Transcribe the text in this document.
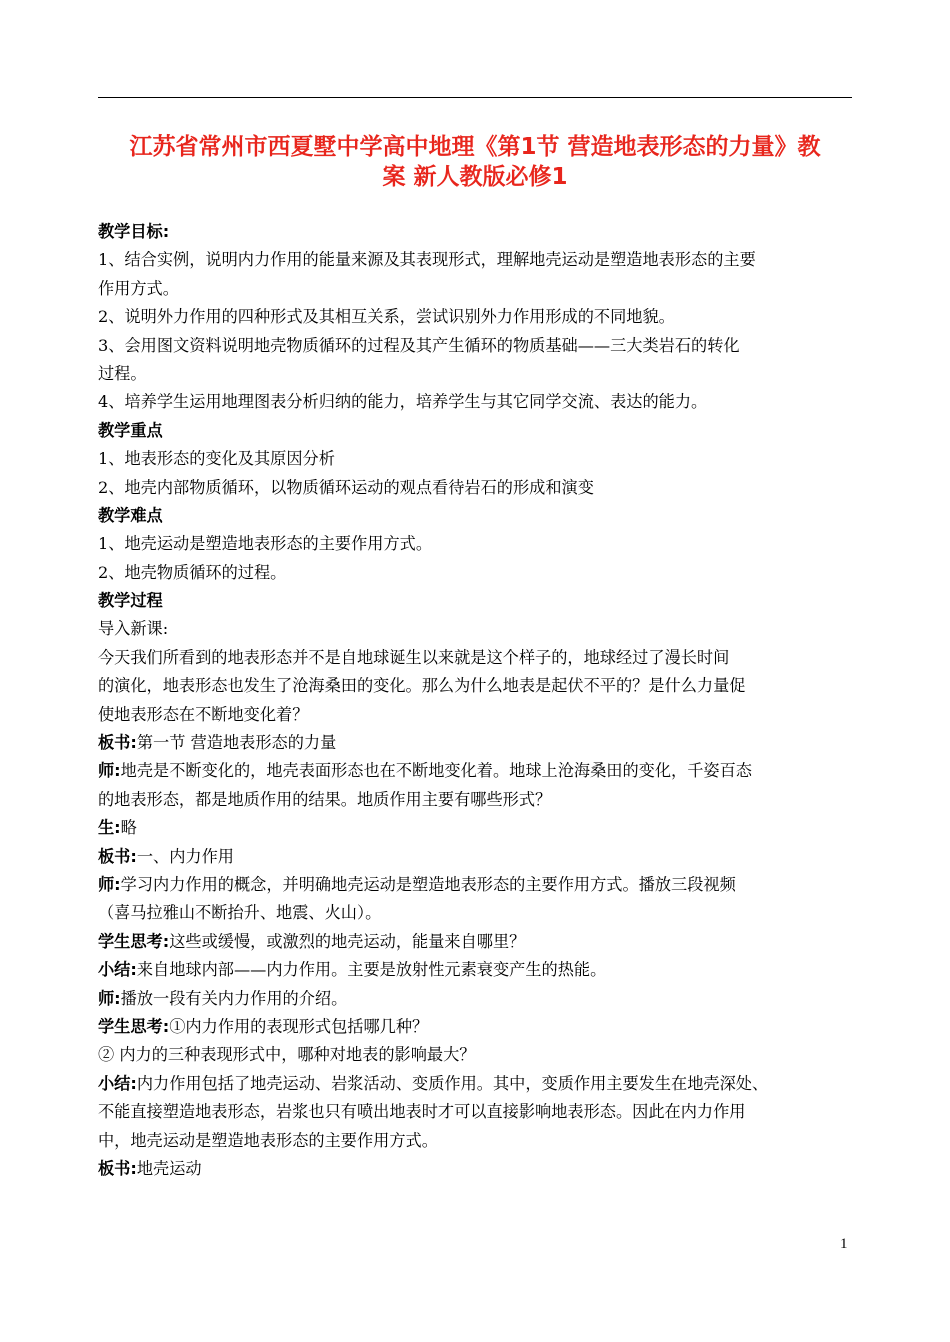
江苏省常州市西夏墅中学高中地理《第1节 营造地表形态的力量》教
案 新人教版必修1
教学目标:
1、结合实例，说明内力作用的能量来源及其表现形式，理解地壳运动是塑造地表形态的主要
作用方式。
2、说明外力作用的四种形式及其相互关系，尝试识别外力作用形成的不同地貌。
3、会用图文资料说明地壳物质循环的过程及其产生循环的物质基础——三大类岩石的转化
过程。
4、培养学生运用地理图表分析归纳的能力，培养学生与其它同学交流、表达的能力。
教学重点
1、地表形态的变化及其原因分析
2、地壳内部物质循环，以物质循环运动的观点看待岩石的形成和演变
教学难点
1、地壳运动是塑造地表形态的主要作用方式。
2、地壳物质循环的过程。
教学过程
导入新课:
今天我们所看到的地表形态并不是自地球诞生以来就是这个样子的，地球经过了漫长时间
的演化，地表形态也发生了沧海桑田的变化。那么为什么地表是起伏不平的？是什么力量促
使地表形态在不断地变化着？
板书:第一节 营造地表形态的力量
师:地壳是不断变化的，地壳表面形态也在不断地变化着。地球上沧海桑田的变化，千姿百态
的地表形态，都是地质作用的结果。地质作用主要有哪些形式？
生:略
板书:一、内力作用
师:学习内力作用的概念，并明确地壳运动是塑造地表形态的主要作用方式。播放三段视频
（喜马拉雅山不断抬升、地震、火山）。
学生思考:这些或缓慢，或激烈的地壳运动，能量来自哪里？
小结:来自地球内部——内力作用。主要是放射性元素衰变产生的热能。
师:播放一段有关内力作用的介绍。
学生思考:①内力作用的表现形式包括哪几种？
② 内力的三种表现形式中，哪种对地表的影响最大？
小结:内力作用包括了地壳运动、岩浆活动、变质作用。其中，变质作用主要发生在地壳深处、
不能直接塑造地表形态，岩浆也只有喷出地表时才可以直接影响地表形态。因此在内力作用
中，地壳运动是塑造地表形态的主要作用方式。
板书:地壳运动
1
